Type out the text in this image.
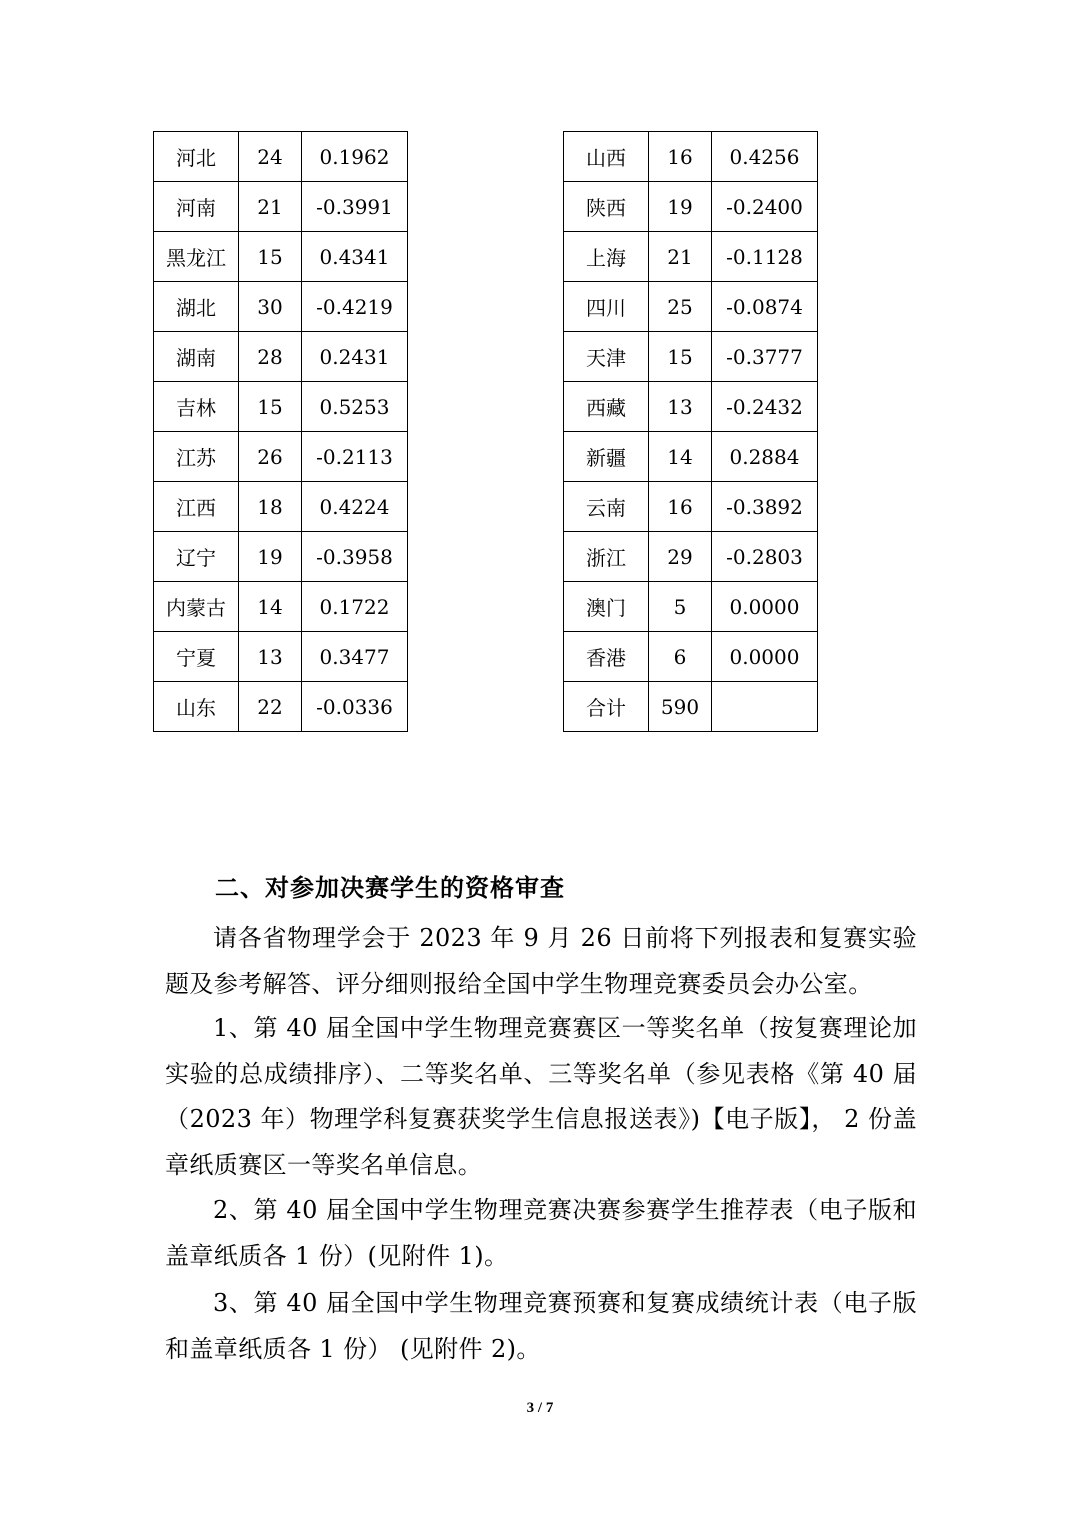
河北	24	0.1962
河南	21	-0.3991
黑龙江	15	0.4341
湖北	30	-0.4219
湖南	28	0.2431
吉林	15	0.5253
江苏	26	-0.2113
江西	18	0.4224
辽宁	19	-0.3958
内蒙古	14	0.1722
宁夏	13	0.3477
山东	22	-0.0336
山西	16	0.4256
陕西	19	-0.2400
上海	21	-0.1128
四川	25	-0.0874
天津	15	-0.3777
西藏	13	-0.2432
新疆	14	0.2884
云南	16	-0.3892
浙江	29	-0.2803
澳门	5	0.0000
香港	6	0.0000
合计	590	
二、对参加决赛学生的资格审查

请各省物理学会于 2023 年 9 月 26 日前将下列报表和复赛实验题及参考解答、评分细则报给全国中学生物理竞赛委员会办公室。

1、第 40 届全国中学生物理竞赛赛区一等奖名单（按复赛理论加实验的总成绩排序）、二等奖名单、三等奖名单（参见表格《第 40 届（2023 年）物理学科复赛获奖学生信息报送表》)【电子版】， 2 份盖章纸质赛区一等奖名单信息。

2、第 40 届全国中学生物理竞赛决赛参赛学生推荐表（电子版和盖章纸质各 1 份）(见附件 1)。

3、第 40 届全国中学生物理竞赛预赛和复赛成绩统计表（电子版和盖章纸质各 1 份） (见附件 2)。

3 / 7
